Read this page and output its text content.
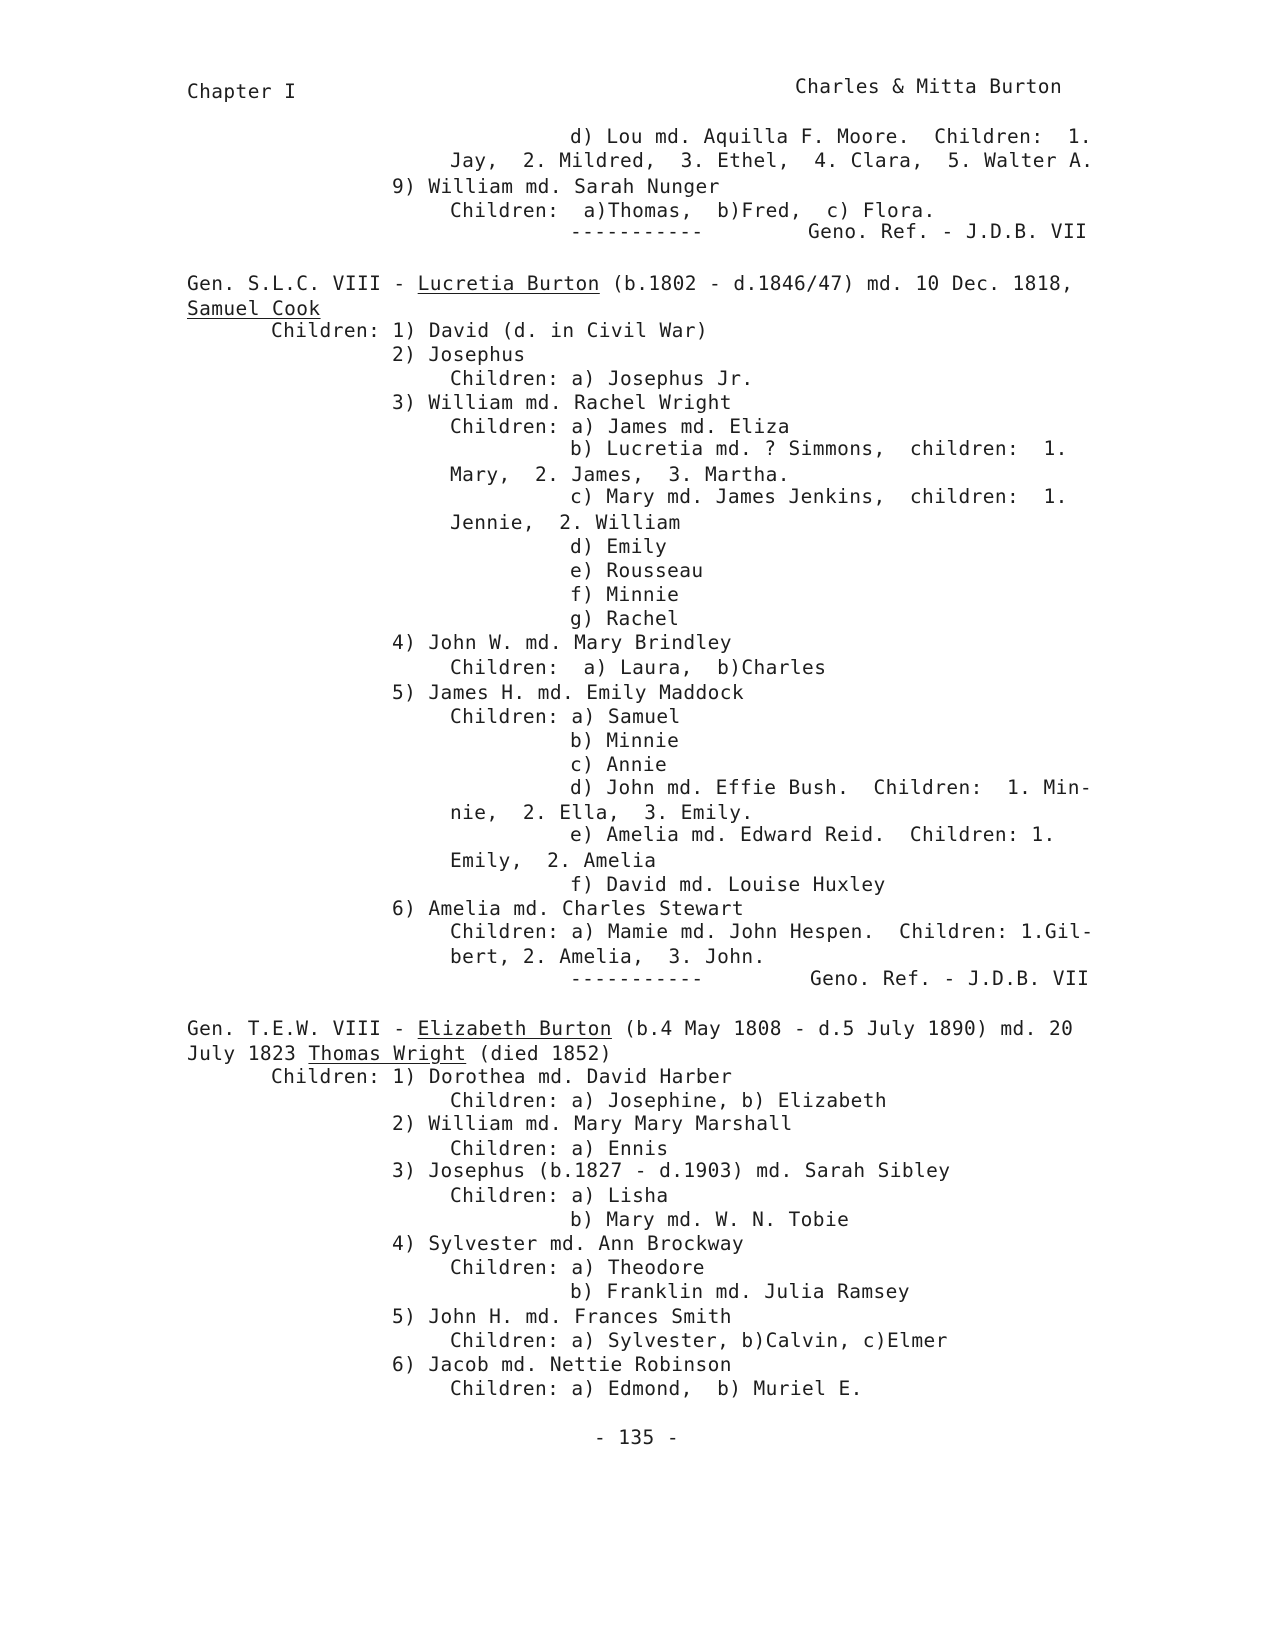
Chapter I	Charles & Mitta Burton
d) Lou md. Aquilla F. Moore.  Children:  1.
Jay,  2. Mildred,  3. Ethel,  4. Clara,  5. Walter A.
9) William md. Sarah Nunger
Children:  a)Thomas,  b)Fred,  c) Flora.
-----------	Geno. Ref. - J.D.B. VII
Gen. S.L.C. VIII - Lucretia Burton (b.1802 - d.1846/47) md. 10 Dec. 1818,
Samuel Cook
Children: 1) David (d. in Civil War)
2) Josephus
Children: a) Josephus Jr.
3) William md. Rachel Wright
Children: a) James md. Eliza
b) Lucretia md. ? Simmons,  children:  1.
Mary,  2. James,  3. Martha.
c) Mary md. James Jenkins,  children:  1.
Jennie,  2. William
d) Emily
e) Rousseau
f) Minnie
g) Rachel
4) John W. md. Mary Brindley
Children:  a) Laura,  b)Charles
5) James H. md. Emily Maddock
Children: a) Samuel
b) Minnie
c) Annie
d) John md. Effie Bush.  Children:  1. Min-
nie,  2. Ella,  3. Emily.
e) Amelia md. Edward Reid.  Children: 1.
Emily,  2. Amelia
f) David md. Louise Huxley
6) Amelia md. Charles Stewart
Children: a) Mamie md. John Hespen.  Children: 1.Gil-
bert, 2. Amelia,  3. John.
-----------	Geno. Ref. - J.D.B. VII
Gen. T.E.W. VIII - Elizabeth Burton (b.4 May 1808 - d.5 July 1890) md. 20
July 1823 Thomas Wright (died 1852)
Children: 1) Dorothea md. David Harber
Children: a) Josephine, b) Elizabeth
2) William md. Mary Mary Marshall
Children: a) Ennis
3) Josephus (b.1827 - d.1903) md. Sarah Sibley
Children: a) Lisha
b) Mary md. W. N. Tobie
4) Sylvester md. Ann Brockway
Children: a) Theodore
b) Franklin md. Julia Ramsey
5) John H. md. Frances Smith
Children: a) Sylvester, b)Calvin, c)Elmer
6) Jacob md. Nettie Robinson
Children: a) Edmond,  b) Muriel E.
- 135 -
